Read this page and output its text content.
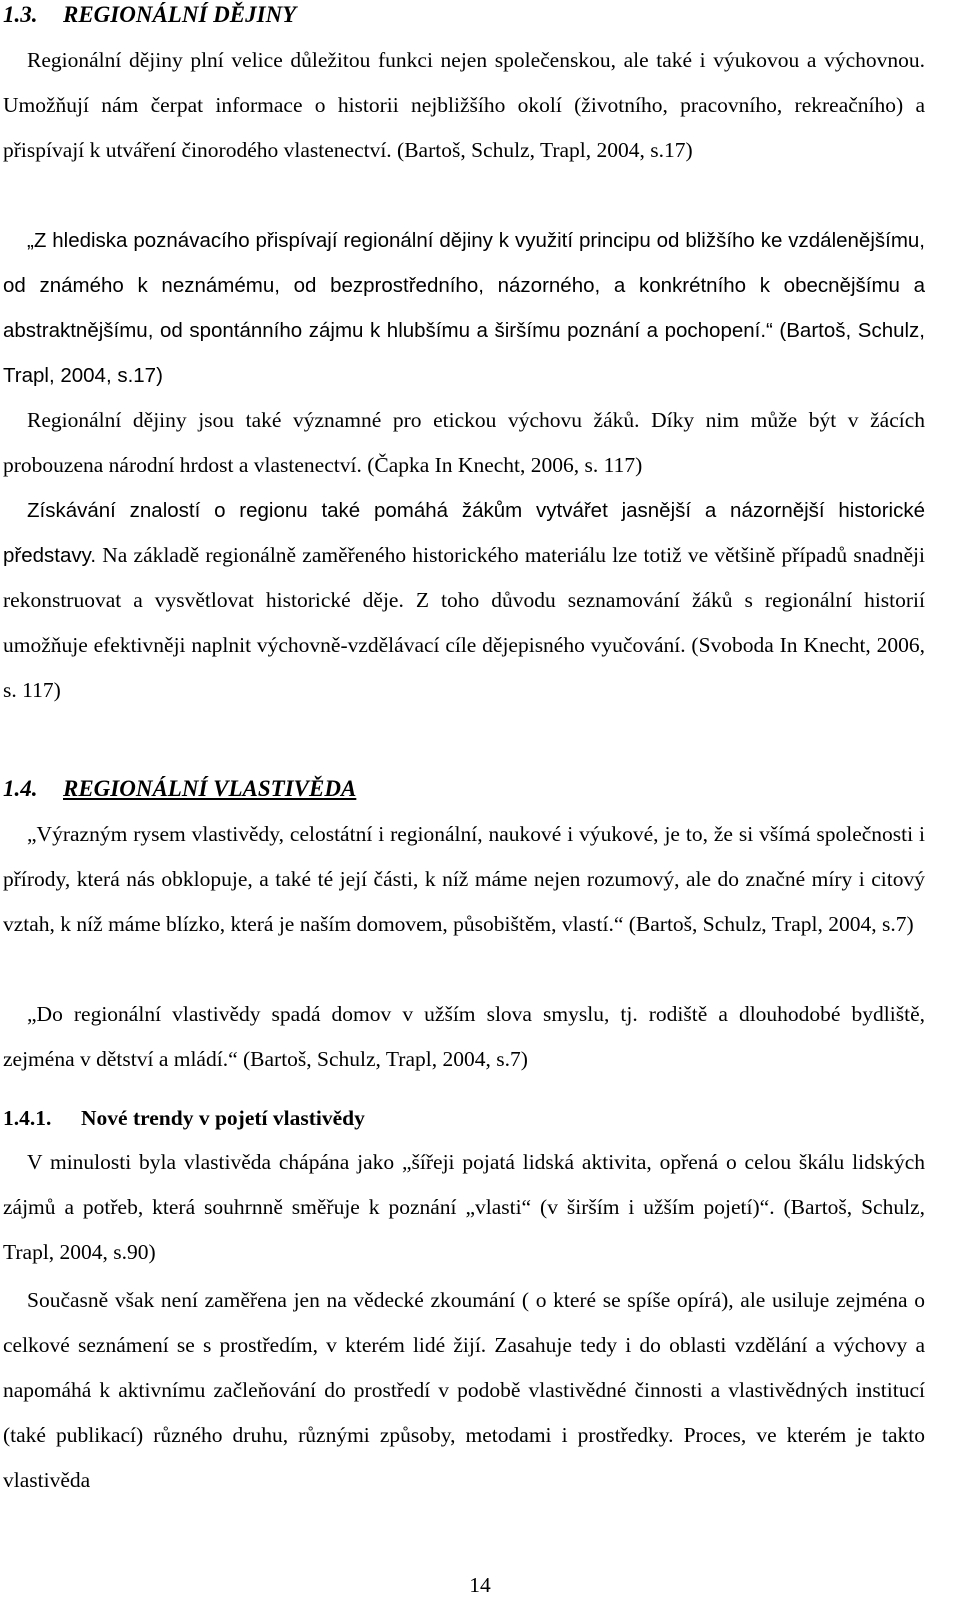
1.3. REGIONÁLNÍ DĚJINY

Regionální dějiny plní velice důležitou funkci nejen společenskou, ale také i výukovou a výchovnou. Umožňují nám čerpat informace o historii nejbližšího okolí (životního, pracovního, rekreačního) a přispívají k utváření činorodého vlastenectví. (Bartoš, Schulz, Trapl, 2004, s.17)

„Z hlediska poznávacího přispívají regionální dějiny k využití principu od bližšího ke vzdálenějšímu, od známého k neznámému, od bezprostředního, názorného, a konkrétního k obecnějšímu a abstraktnějšímu, od spontánního zájmu k hlubšímu a širšímu poznání a pochopení.“ (Bartoš, Schulz, Trapl, 2004, s.17)

Regionální dějiny jsou také významné pro etickou výchovu žáků. Díky nim může být v žácích probouzena národní hrdost a vlastenectví. (Čapka In Knecht, 2006, s. 117)

Získávání znalostí o regionu také pomáhá žákům vytvářet jasnější a názornější historické představy. Na základě regionálně zaměřeného historického materiálu lze totiž ve většině případů snadněji rekonstruovat a vysvětlovat historické děje. Z toho důvodu seznamování žáků s regionální historií umožňuje efektivněji naplnit výchovně-vzdělávací cíle dějepisného vyučování. (Svoboda In Knecht, 2006, s. 117)

1.4. REGIONÁLNÍ VLASTIVĚDA

„Výrazným rysem vlastivědy, celostátní i regionální, naukové i výukové, je to, že si všímá společnosti i přírody, která nás obklopuje, a také té její části, k níž máme nejen rozumový, ale do značné míry i citový vztah, k níž máme blízko, která je naším domovem, působištěm, vlastí.“ (Bartoš, Schulz, Trapl, 2004, s.7)

„Do regionální vlastivědy spadá domov v užším slova smyslu, tj. rodiště a dlouhodobé bydliště, zejména v dětství a mládí.“ (Bartoš, Schulz, Trapl, 2004, s.7)

1.4.1. Nové trendy v pojetí vlastivědy

V minulosti byla vlastivěda chápána jako „šířeji pojatá lidská aktivita, opřená o celou škálu lidských zájmů a potřeb, která souhrnně směřuje k poznání „vlasti“ (v širším i užším pojetí)“. (Bartoš, Schulz, Trapl, 2004, s.90)

Současně však není zaměřena jen na vědecké zkoumání ( o které se spíše opírá), ale usiluje zejména o celkové seznámení se s prostředím, v kterém lidé žijí. Zasahuje tedy i do oblasti vzdělání a výchovy a napomáhá k aktivnímu začleňování do prostředí v podobě vlastivědné činnosti a vlastivědných institucí (také publikací) různého druhu, různými způsoby, metodami i prostředky. Proces, ve kterém je takto vlastivěda

14
